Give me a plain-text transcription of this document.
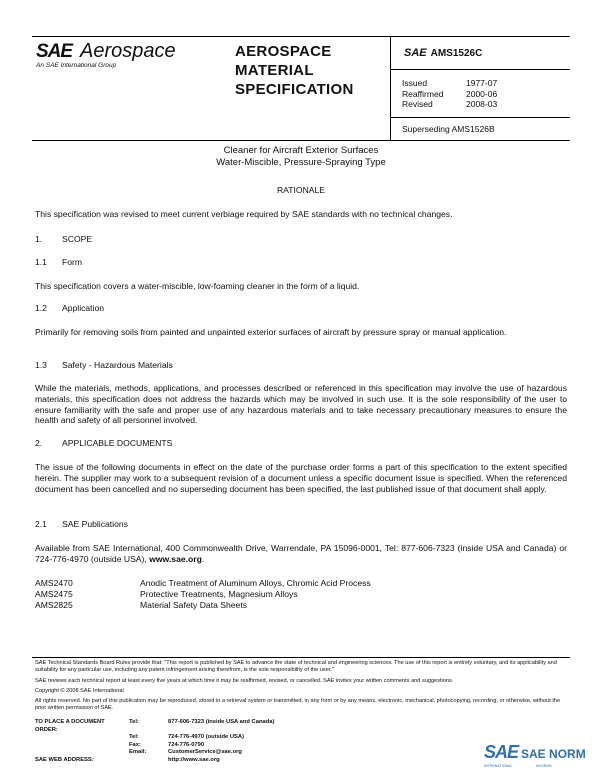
SAE Aerospace
An SAE International Group
AEROSPACE
MATERIAL
SPECIFICATION
SAE AMS1526C
Issued	1977-07
Reaffirmed	2000-06
Revised	2008-03
Superseding AMS1526B
Cleaner for Aircraft Exterior Surfaces
Water-Miscible, Pressure-Spraying Type
RATIONALE
This specification was revised to meet current verbiage required by SAE standards with no technical changes.
1. SCOPE
1.1 Form
This specification covers a water-miscible, low-foaming cleaner in the form of a liquid.
1.2 Application
Primarily for removing soils from painted and unpainted exterior surfaces of aircraft by pressure spray or manual application.
1.3 Safety - Hazardous Materials
While the materials, methods, applications, and processes described or referenced in this specification may involve the use of hazardous materials, this specification does not address the hazards which may be involved in such use. It is the sole responsibility of the user to ensure familiarity with the safe and proper use of any hazardous materials and to take necessary precautionary measures to ensure the health and safety of all personnel involved.
2. APPLICABLE DOCUMENTS
The issue of the following documents in effect on the date of the purchase order forms a part of this specification to the extent specified herein. The supplier may work to a subsequent revision of a document unless a specific document issue is specified. When the referenced document has been cancelled and no superseding document has been specified, the last published issue of that document shall apply.
2.1 SAE Publications
Available from SAE International, 400 Commonwealth Drive, Warrendale, PA 15096-0001, Tel: 877-606-7323 (inside USA and Canada) or 724-776-4970 (outside USA), www.sae.org.
AMS2470	Anodic Treatment of Aluminum Alloys, Chromic Acid Process
AMS2475	Protective Treatments, Magnesium Alloys
AMS2825	Material Safety Data Sheets
SAE Technical Standards Board Rules provide that: "This report is published by SAE to advance the state of technical and engineering sciences. The use of this report is entirely voluntary, and its applicability and suitability for any particular use, including any patent infringement arising therefrom, is the sole responsibility of the user."
SAE reviews each technical report at least every five years at which time it may be reaffirmed, revised, or cancelled. SAE invites your written comments and suggestions.
Copyright © 2008 SAE International
All rights reserved. No part of this publication may be reproduced, stored in a retrieval system or transmitted, in any form or by any means, electronic, mechanical, photocopying, recording, or otherwise, without the prior written permission of SAE.
TO PLACE A DOCUMENT ORDER:
Tel:	877-606-7323 (inside USA and Canada)
Tel:	724-776-4970 (outside USA)
Fax:	724-776-0790
Email:	CustomerService@sae.org
SAE WEB ADDRESS:	http://www.sae.org	SAE SAE NORM
INTERNATIONAL	ANORMS
